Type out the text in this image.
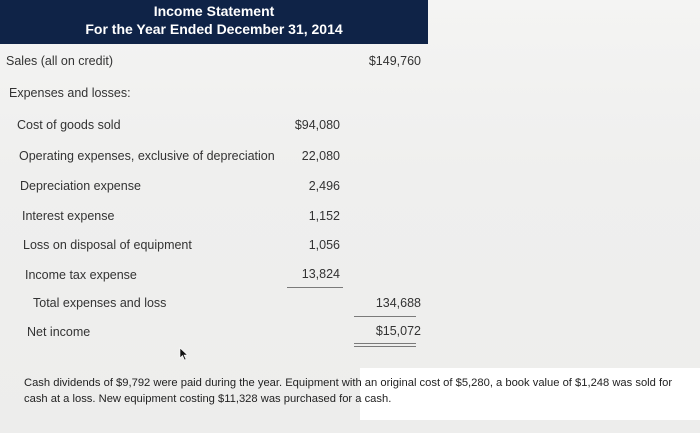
Income Statement
For the Year Ended December 31, 2014
Sales (all on credit)	$149,760
Expenses and losses:
Cost of goods sold	$94,080
Operating expenses, exclusive of depreciation 22,080
Depreciation expense	2,496
Interest expense	1,152
Loss on disposal of equipment	1,056
Income tax expense	13,824
Total expenses and loss	134,688
Net income	$15,072
Cash dividends of $9,792 were paid during the year. Equipment with an original cost of $5,280, a book value of $1,248 was sold for cash at a loss. New equipment costing $11,328 was purchased for a cash.
